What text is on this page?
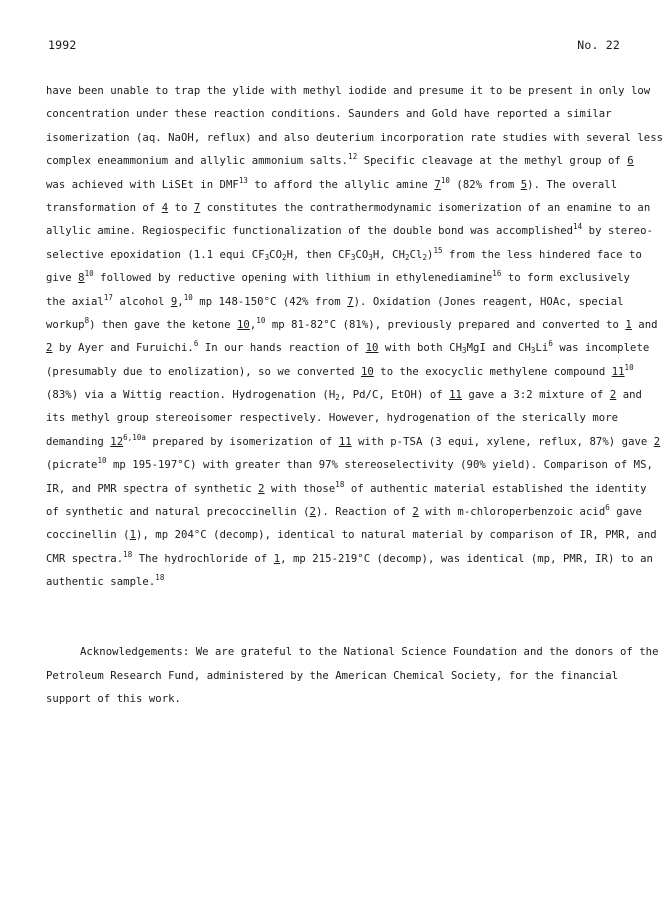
1992	No. 22
have been unable to trap the ylide with methyl iodide and presume it to be present in only low
concentration under these reaction conditions. Saunders and Gold have reported a similar
isomerization (aq. NaOH, reflux) and also deuterium incorporation rate studies with several less
complex eneammonium and allylic ammonium salts.$^{12}$ Specific cleavage at the methyl group of 6
was achieved with LiSEt in DMF$^{13}$ to afford the allylic amine $7^{10}$ (82% from 5). The overall
transformation of 4 to 7 constitutes the contrathermodynamic isomerization of an enamine to an
allylic amine. Regiospecific functionalization of the double bond was accomplished$^{14}$ by stereo-
selective epoxidation (1.1 equi $CF_3CO_2H$, then $CF_3CO_3H$, $CH_2Cl_2)^{15}$ from the less hindered face to
give $8^{10}$ followed by reductive opening with lithium in ethylenediamine$^{16}$ to form exclusively
the axial$^{17}$ alcohol 9,10 mp 148-150°C (42% from 7). Oxidation (Jones reagent, HOAc, special
workup$^8$) then gave the ketone 10,10 mp 81-82°C (81%), previously prepared and converted to 1 and
2 by Ayer and Furuichi.$^6$ In our hands reaction of 10 with both $CH_3MgI$ and $CH_3Li^6$ was incomplete
(presumably due to enolization), so we converted 10 to the exocyclic methylene compound $11^{10}$
(83%) via a Wittig reaction. Hydrogenation ($H_2$, Pd/C, EtOH) of 11 gave a 3:2 mixture of 2 and
its methyl group stereoisomer respectively. However, hydrogenation of the sterically more
demanding $12^{6,10a}$ prepared by isomerization of 11 with p-TSA (3 equi, xylene, reflux, 87%) gave 2
(picrate$^{10}$ mp 195-197°C) with greater than 97% stereoselectivity (90% yield). Comparison of MS,
IR, and PMR spectra of synthetic 2 with those$^{18}$ of authentic material established the identity
of synthetic and natural precoccinellin (2). Reaction of 2 with m-chloroperbenzoic acid$^6$ gave
coccinellin (1), mp 204°C (decomp), identical to natural material by comparison of IR, PMR, and
CMR spectra.$^{18}$ The hydrochloride of 1, mp 215-219°C (decomp), was identical (mp, PMR, IR) to an
authentic sample.$^{18}$
Acknowledgements: We are grateful to the National Science Foundation and the donors of the
Petroleum Research Fund, administered by the American Chemical Society, for the financial
support of this work.
